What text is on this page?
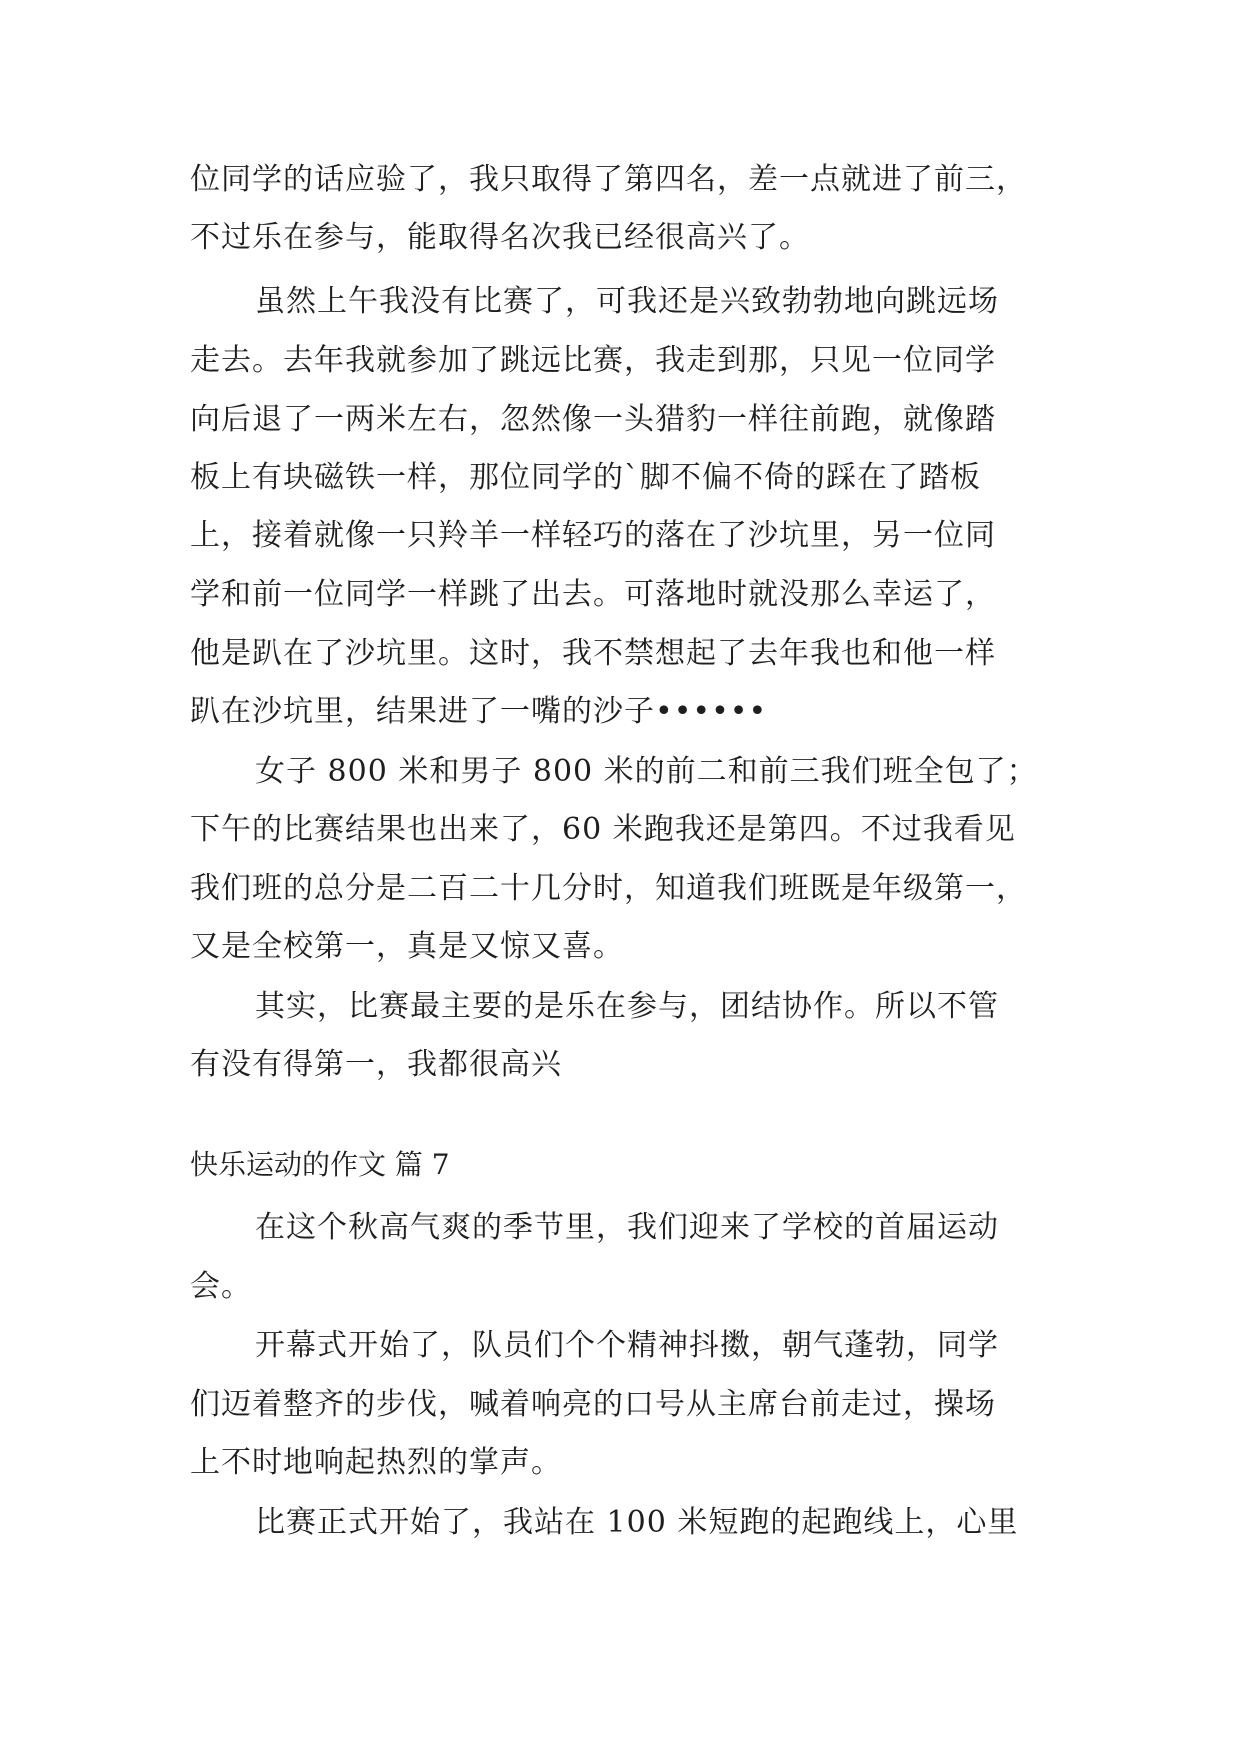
位同学的话应验了，我只取得了第四名，差一点就进了前三，

不过乐在参与，能取得名次我已经很高兴了。

虽然上午我没有比赛了，可我还是兴致勃勃地向跳远场

走去。去年我就参加了跳远比赛，我走到那，只见一位同学

向后退了一两米左右，忽然像一头猎豹一样往前跑，就像踏

板上有块磁铁一样，那位同学的`脚不偏不倚的踩在了踏板

上，接着就像一只羚羊一样轻巧的落在了沙坑里，另一位同

学和前一位同学一样跳了出去。可落地时就没那么幸运了，

他是趴在了沙坑里。这时，我不禁想起了去年我也和他一样

趴在沙坑里，结果进了一嘴的沙子••••••

女子 800 米和男子 800 米的前二和前三我们班全包了；

下午的比赛结果也出来了，60 米跑我还是第四。不过我看见

我们班的总分是二百二十几分时，知道我们班既是年级第一，

又是全校第一，真是又惊又喜。

其实，比赛最主要的是乐在参与，团结协作。所以不管

有没有得第一，我都很高兴

快乐运动的作文 篇 7

在这个秋高气爽的季节里，我们迎来了学校的首届运动

会。

开幕式开始了，队员们个个精神抖擞，朝气蓬勃，同学

们迈着整齐的步伐，喊着响亮的口号从主席台前走过，操场

上不时地响起热烈的掌声。

比赛正式开始了，我站在 100 米短跑的起跑线上，心里
